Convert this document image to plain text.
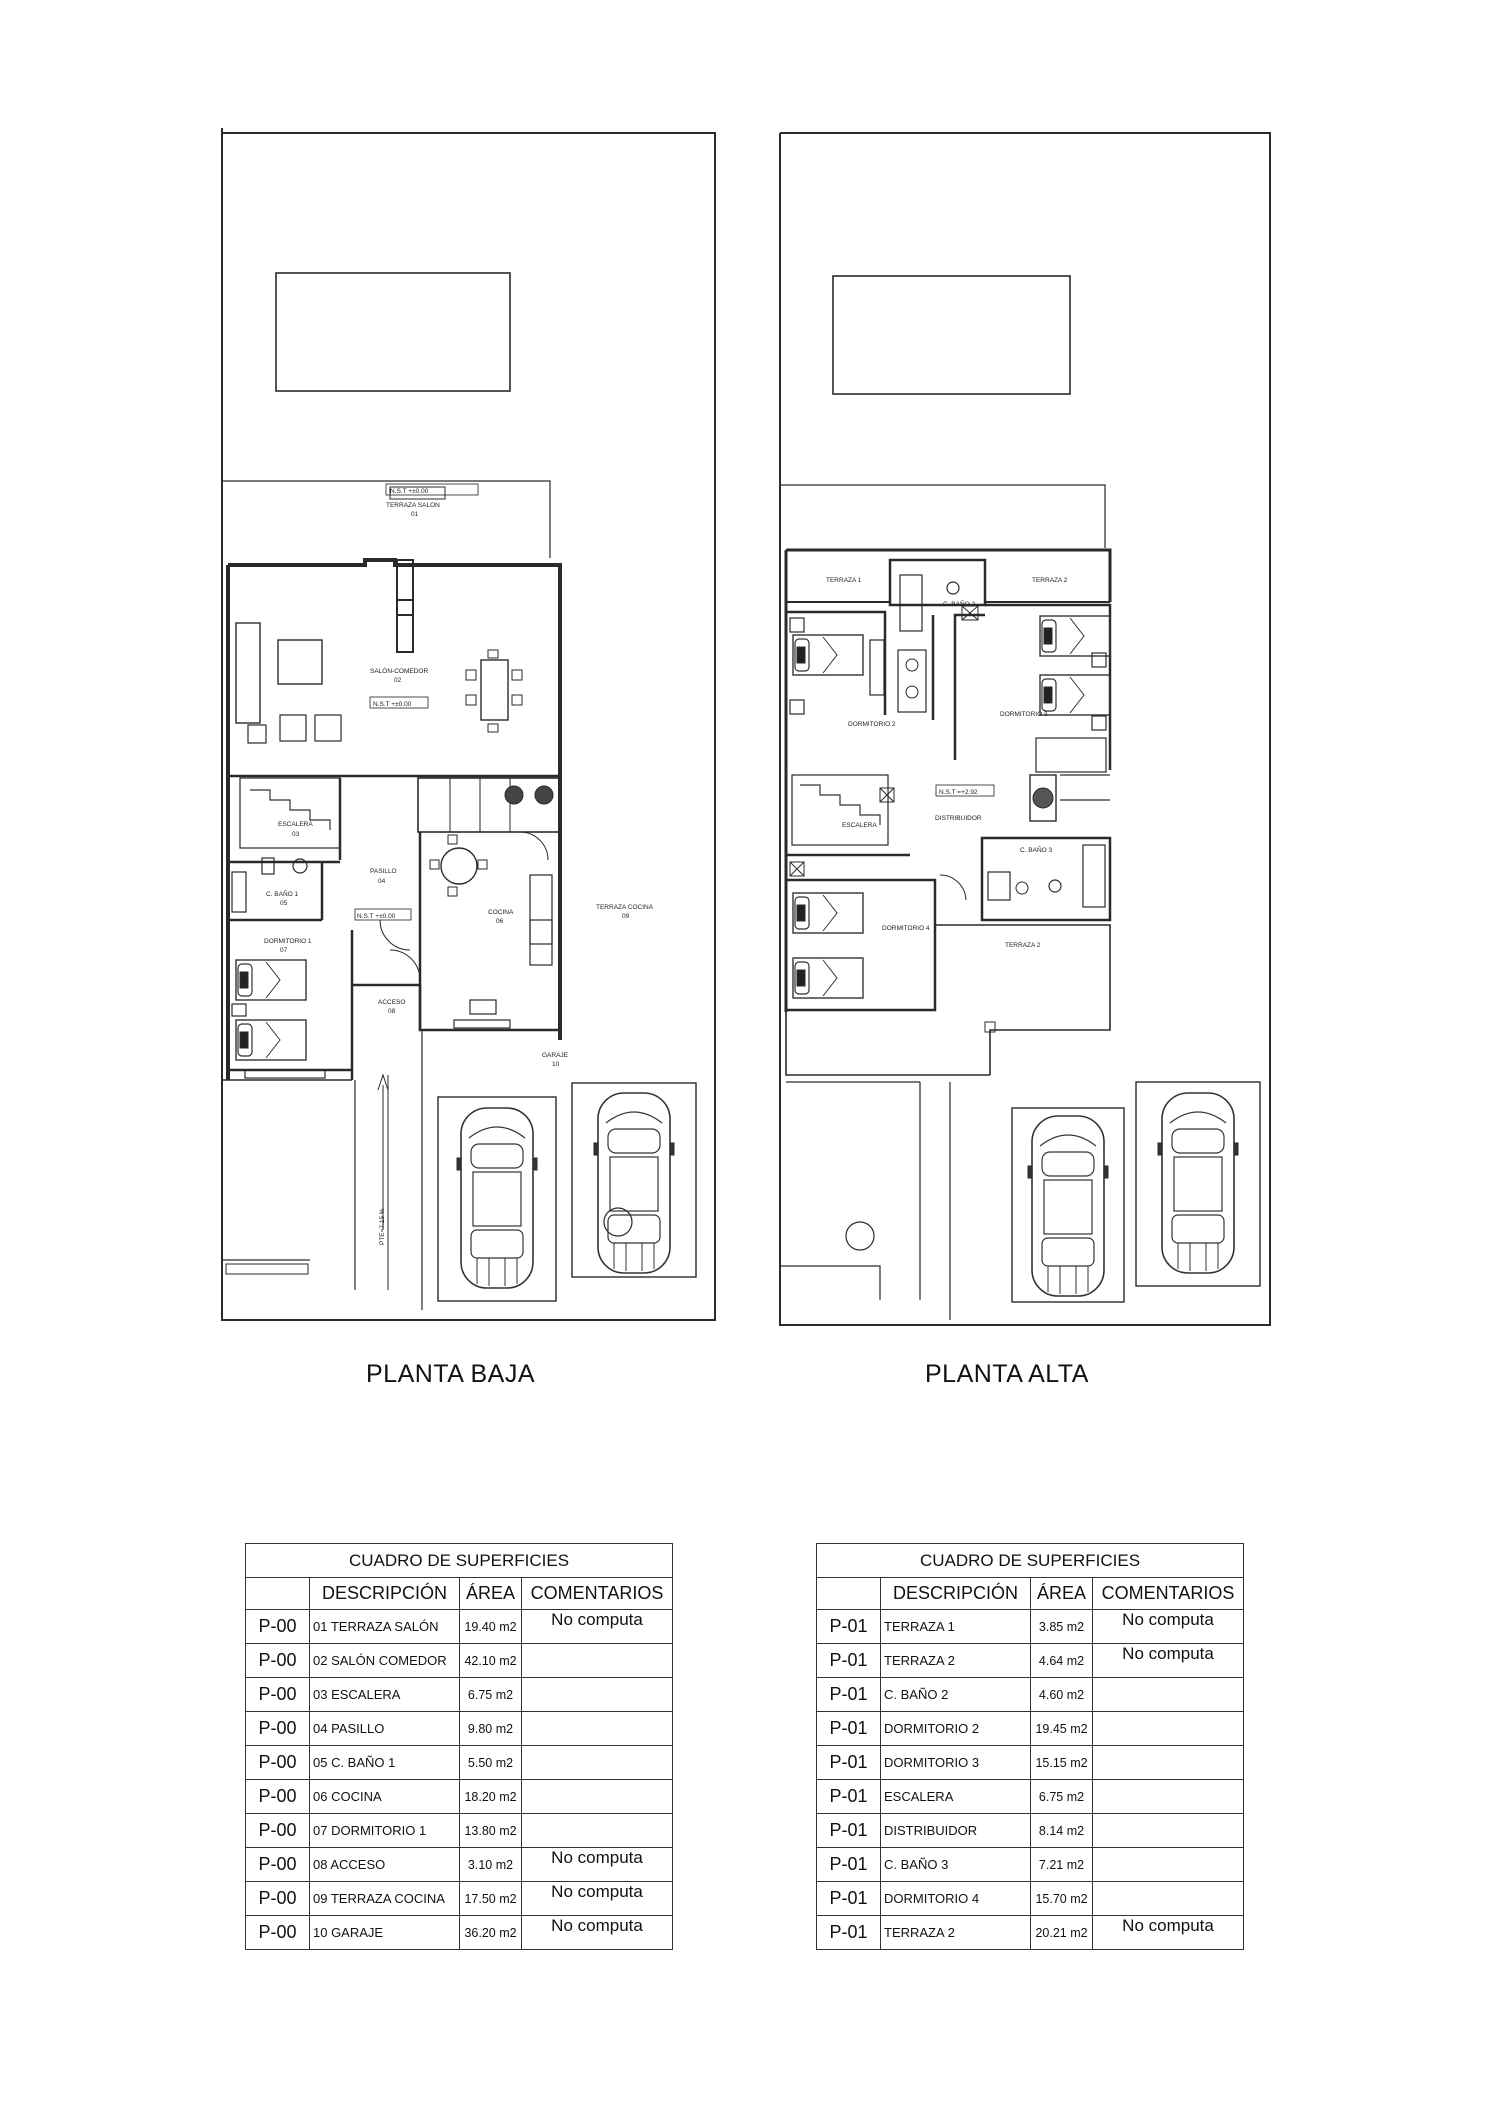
N.S.T +±0.00
TERRAZA SALON
01
SALÓN-COMEDOR
02
N.S.T +±0.00
ESCALERA
03
PASILLO
04
C. BAÑO 1
05
N.S.T +±0.00
COCINA
06
DORMITORIO 1
07
ACCESO
08
TERRAZA COCINA
09
GARAJE
10
PTE=7.15 %
TERRAZA 1	TERRAZA 2
C. BAÑO 2
DORMITORIO 2
DORMITORIO 3
ESCALERA
N.S.T =+2.92
DISTRIBUIDOR
C. BAÑO 3
DORMITORIO 4
TERRAZA 2
PLANTA BAJA	PLANTA ALTA
CUADRO DE SUPERFICIES			
	DESCRIPCIÓN	ÁREA	COMENTARIOS
P-00	01 TERRAZA SALÓN	19.40 m2	No computa
P-00	02 SALÓN COMEDOR	42.10 m2	
P-00	03 ESCALERA	6.75 m2	
P-00	04 PASILLO	9.80 m2	
P-00	05 C. BAÑO 1	5.50 m2	
P-00	06 COCINA	18.20 m2	
P-00	07 DORMITORIO 1	13.80 m2	
P-00	08 ACCESO	3.10 m2	No computa
P-00	09 TERRAZA COCINA	17.50 m2	No computa
P-00	10 GARAJE	36.20 m2	No computa
CUADRO DE SUPERFICIES			
	DESCRIPCIÓN	ÁREA	COMENTARIOS
P-01	TERRAZA 1	3.85 m2	No computa
P-01	TERRAZA 2	4.64 m2	No computa
P-01	C. BAÑO 2	4.60 m2	
P-01	DORMITORIO 2	19.45 m2	
P-01	DORMITORIO 3	15.15 m2	
P-01	ESCALERA	6.75 m2	
P-01	DISTRIBUIDOR	8.14 m2	
P-01	C. BAÑO 3	7.21 m2	
P-01	DORMITORIO 4	15.70 m2	
P-01	TERRAZA 2	20.21 m2	No computa
